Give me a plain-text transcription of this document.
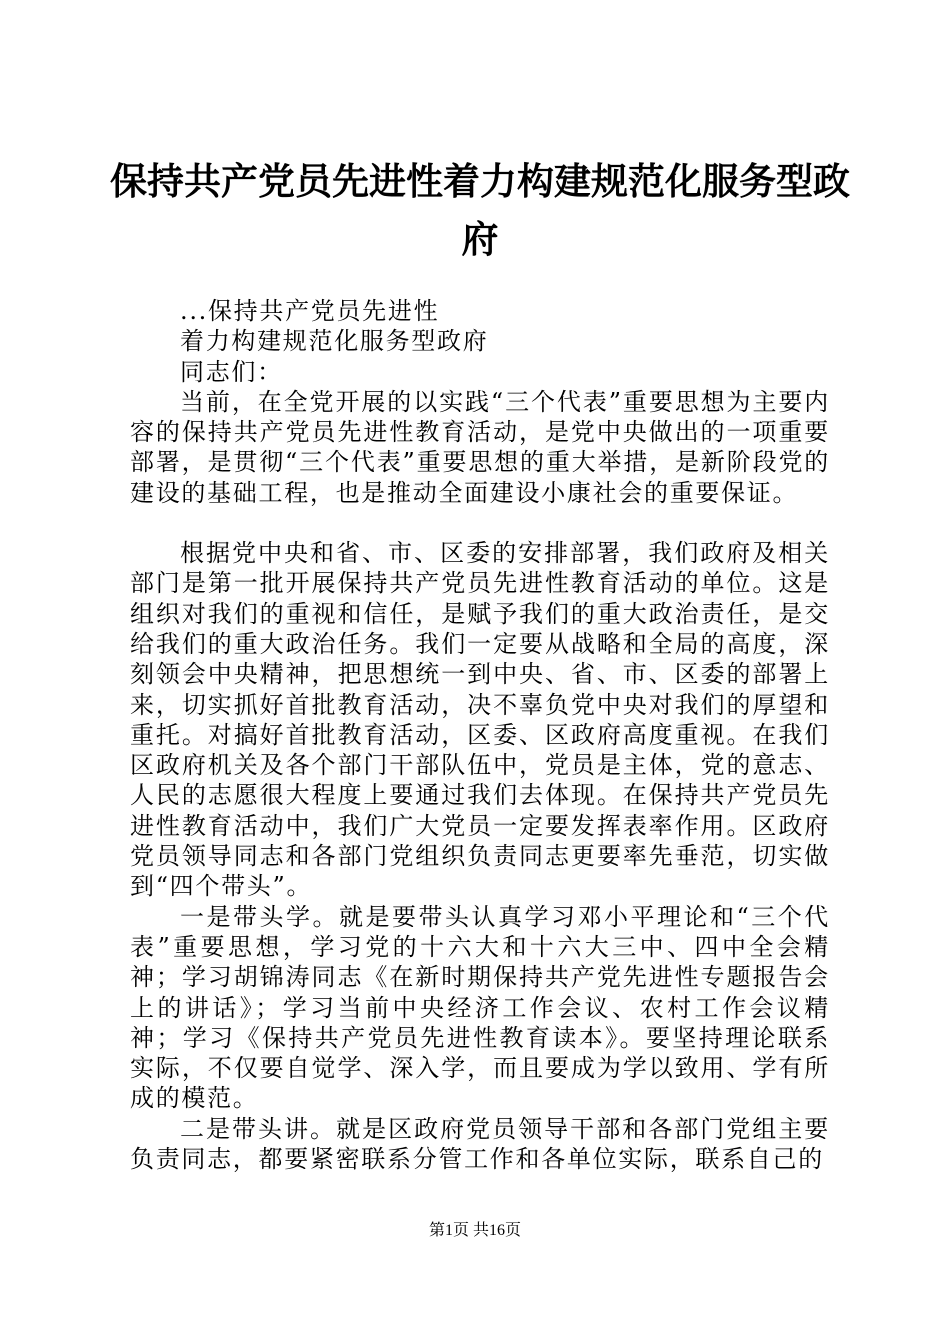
保持共产党员先进性着力构建规范化服务型政
府
...保持共产党员先进性
着力构建规范化服务型政府
同志们：

当前，在全党开展的以实践“三个代表”重要思想为主要内容的保持共产党员先进性教育活动，是党中央做出的一项重要部署，是贯彻“三个代表”重要思想的重大举措，是新阶段党的建设的基础工程，也是推动全面建设小康社会的重要保证。

根据党中央和省、市、区委的安排部署，我们政府及相关部门是第一批开展保持共产党员先进性教育活动的单位。这是组织对我们的重视和信任，是赋予我们的重大政治责任，是交给我们的重大政治任务。我们一定要从战略和全局的高度，深刻领会中央精神，把思想统一到中央、省、市、区委的部署上来，切实抓好首批教育活动，决不辜负党中央对我们的厚望和重托。对搞好首批教育活动，区委、区政府高度重视。在我们区政府机关及各个部门干部队伍中，党员是主体，党的意志、人民的志愿很大程度上要通过我们去体现。在保持共产党员先进性教育活动中，我们广大党员一定要发挥表率作用。区政府党员领导同志和各部门党组织负责同志更要率先垂范，切实做到“四个带头”。

一是带头学。就是要带头认真学习邓小平理论和“三个代表”重要思想，学习党的十六大和十六大三中、四中全会精神；学习胡锦涛同志《在新时期保持共产党先进性专题报告会上的讲话》；学习当前中央经济工作会议、农村工作会议精神；学习《保持共产党员先进性教育读本》。要坚持理论联系实际，不仅要自觉学、深入学，而且要成为学以致用、学有所成的模范。

二是带头讲。就是区政府党员领导干部和各部门党组主要负责同志，都要紧密联系分管工作和各单位实际，联系自己的

第1页 共16页
